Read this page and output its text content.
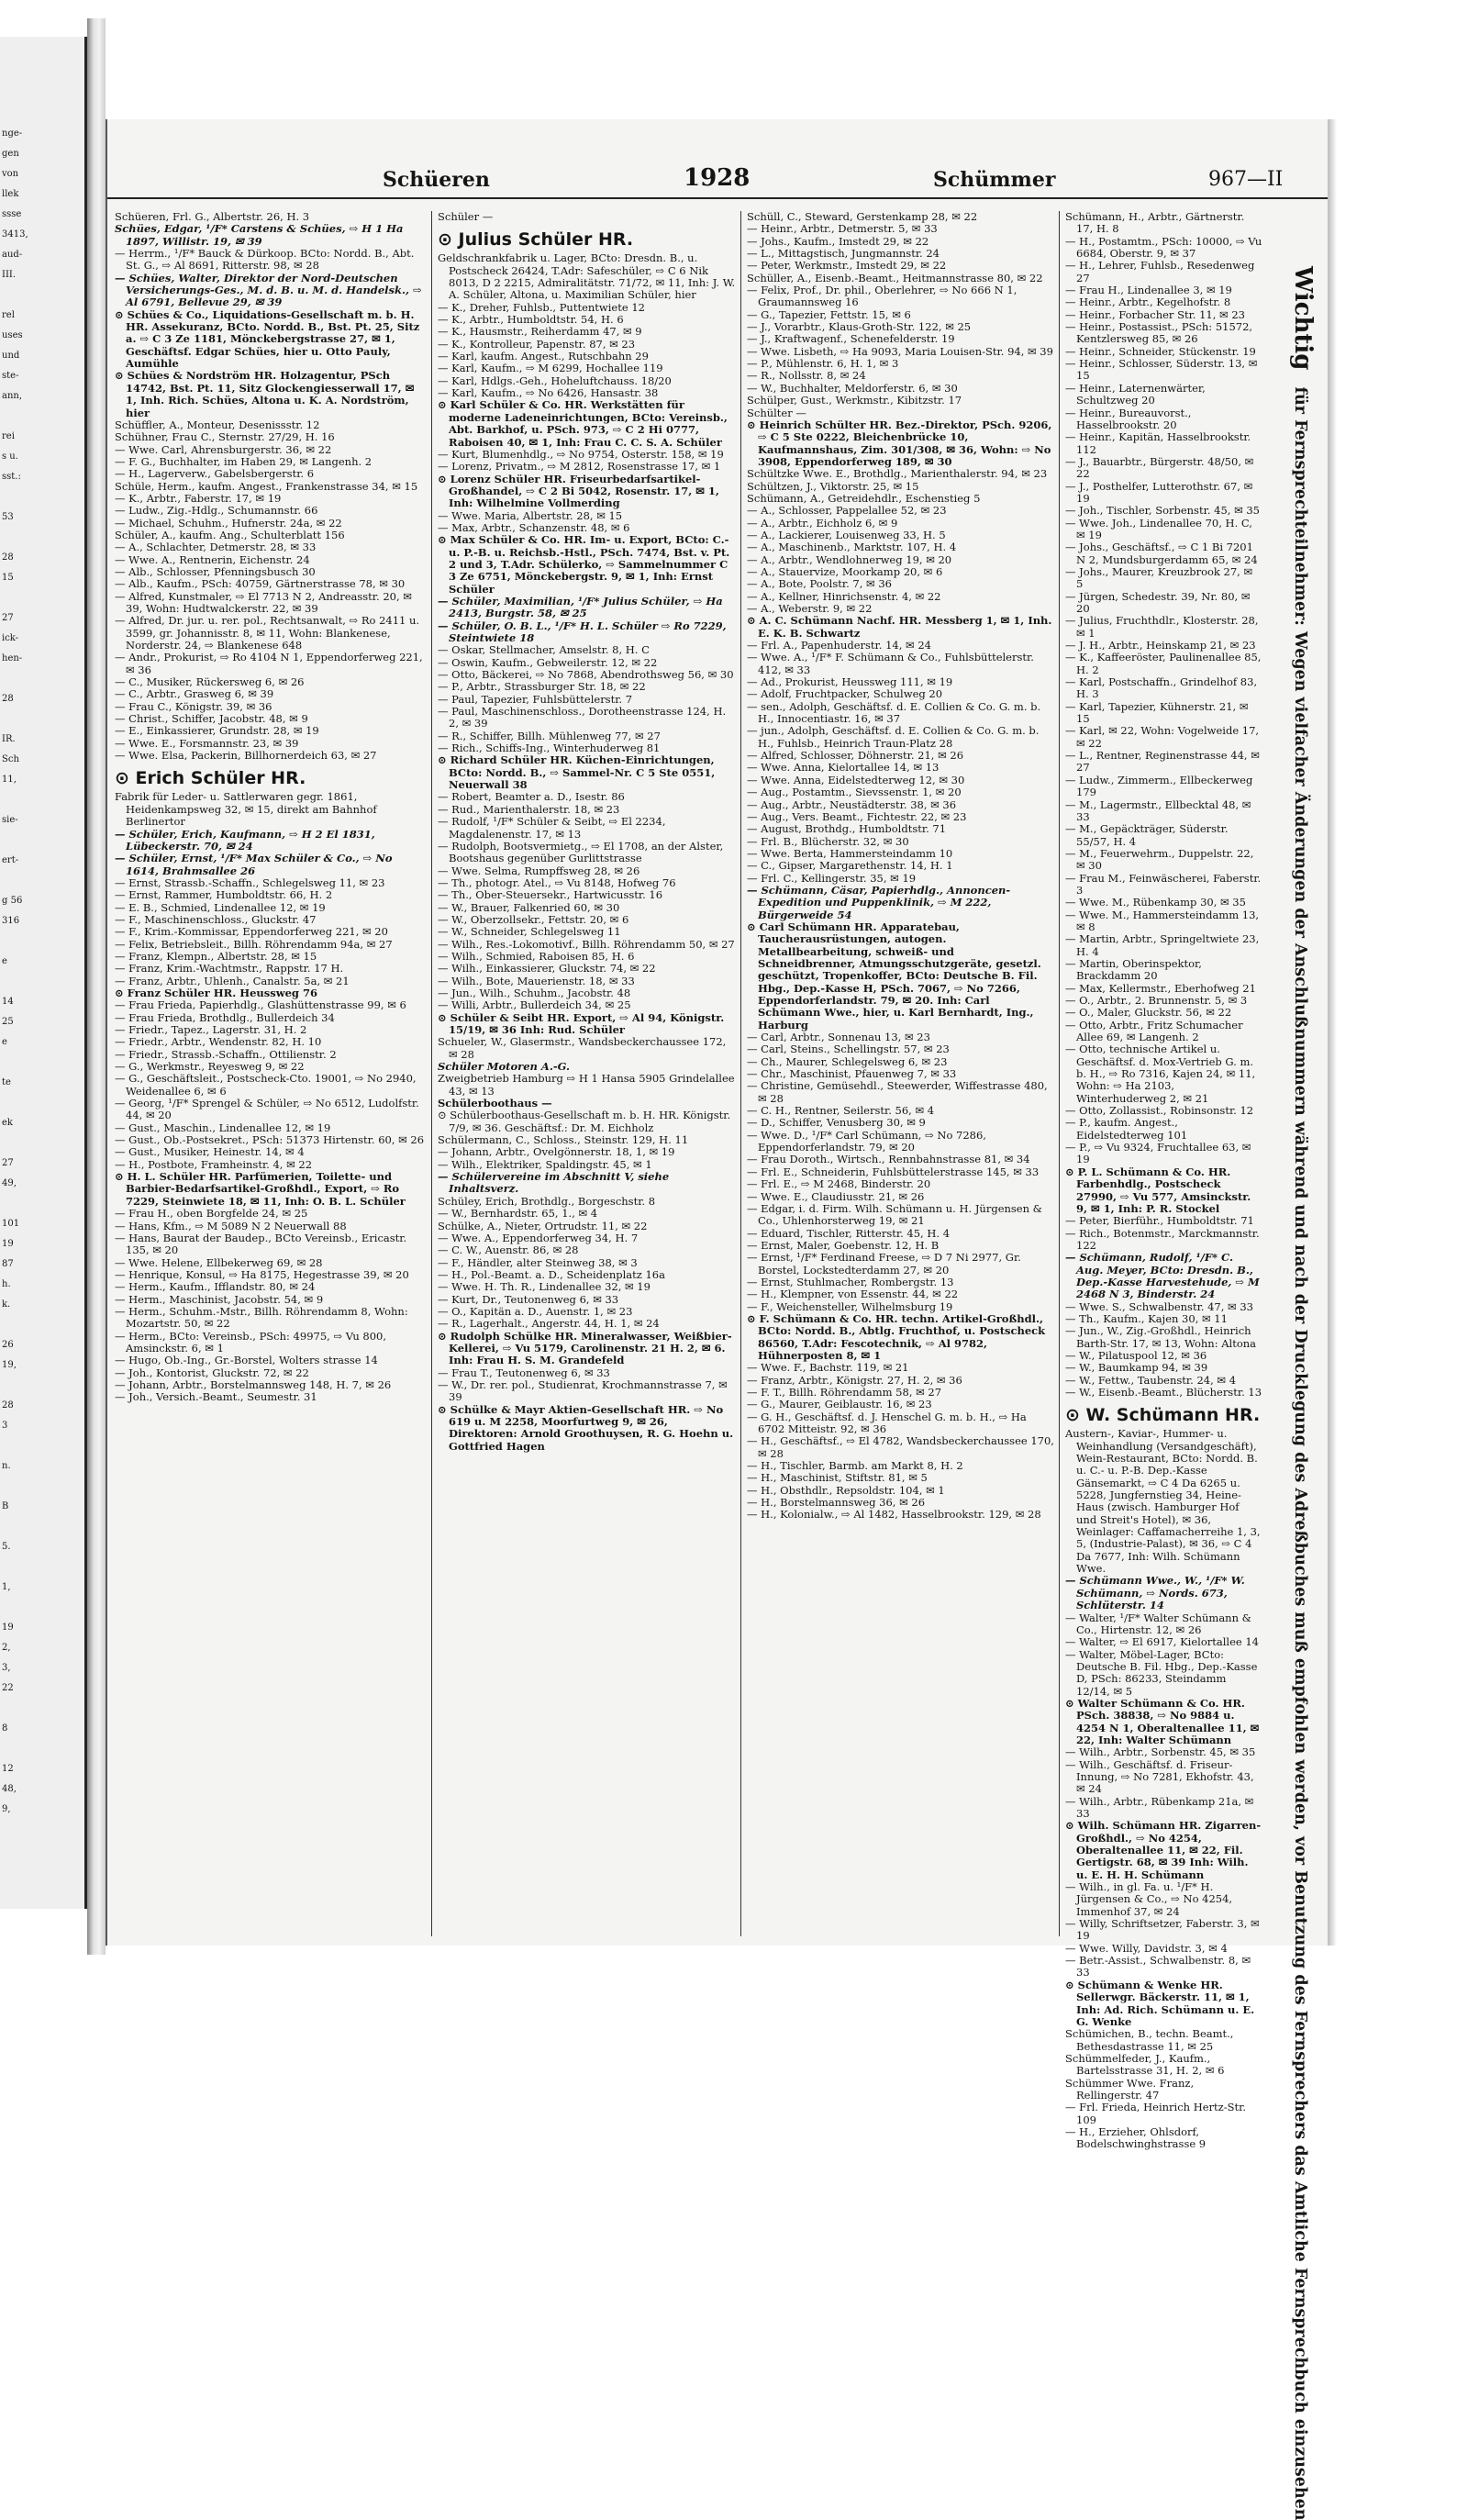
nge-
gen
von
llek
ssse
3413,
aud-
III.
rel
uses
und
ste-
ann,
rei
s u.
sst.:
53
28
15
27
ick-
hen-
28
IR.
Sch
11,
sie-
ert-
g 56
316
e
14
25
e
te
ek
27
49,
101
19
87
h.
k.
26
19,
28
3
n.
B
5.
1,
19
2,
3,
22
8
12
48,
9,
Schüeren	1928	Schümmer	967—II
Schüeren, Frl. G., Albertstr. 26, H. 3
Schües, Edgar, ¹/F* Carstens & Schües, ⇨ H 1 Ha 1897, Willistr. 19, ✉ 39
— Herrm., ¹/F* Bauck & Dürkoop. BCto: Nordd. B., Abt. St. G., ⇨ Al 8691, Ritterstr. 98, ✉ 28
— Schües, Walter, Direktor der Nord-Deutschen Versicherungs-Ges., M. d. B. u. M. d. Handelsk., ⇨ Al 6791, Bellevue 29, ✉ 39
⊙ Schües & Co., Liquidations-Gesellschaft m. b. H. HR. Assekuranz, BCto. Nordd. B., Bst. Pt. 25, Sitz a. ⇨ C 3 Ze 1181, Mönckebergstrasse 27, ✉ 1, Geschäftsf. Edgar Schües, hier u. Otto Pauly, Aumühle
⊙ Schües & Nordström HR. Holzagentur, PSch 14742, Bst. Pt. 11, Sitz Glockengiesserwall 17, ✉ 1, Inh. Rich. Schües, Altona u. K. A. Nordström, hier
Schüffler, A., Monteur, Desenissstr. 12
Schühner, Frau C., Sternstr. 27/29, H. 16
— Wwe. Carl, Ahrensburgerstr. 36, ✉ 22
— F. G., Buchhalter, im Haben 29, ✉ Langenh. 2
— H., Lagerverw., Gabelsbergerstr. 6
Schüle, Herm., kaufm. Angest., Frankenstrasse 34, ✉ 15
— K., Arbtr., Faberstr. 17, ✉ 19
— Ludw., Zig.-Hdlg., Schumannstr. 66
— Michael, Schuhm., Hufnerstr. 24a, ✉ 22
Schüler, A., kaufm. Ang., Schulterblatt 156
— A., Schlachter, Detmerstr. 28, ✉ 33
— Wwe. A., Rentnerin, Eichenstr. 24
— Alb., Schlosser, Pfenningsbusch 30
— Alb., Kaufm., PSch: 40759, Gärtnerstrasse 78, ✉ 30
— Alfred, Kunstmaler, ⇨ El 7713 N 2, Andreasstr. 20, ✉ 39, Wohn: Hudtwalckerstr. 22, ✉ 39
— Alfred, Dr. jur. u. rer. pol., Rechtsanwalt, ⇨ Ro 2411 u. 3599, gr. Johannisstr. 8, ✉ 11, Wohn: Blankenese, Norderstr. 24, ⇨ Blankenese 648
— Andr., Prokurist, ⇨ Ro 4104 N 1, Eppendorferweg 221, ✉ 36
— C., Musiker, Rückersweg 6, ✉ 26
— C., Arbtr., Grasweg 6, ✉ 39
— Frau C., Königstr. 39, ✉ 36
— Christ., Schiffer, Jacobstr. 48, ✉ 9
— E., Einkassierer, Grundstr. 28, ✉ 19
— Wwe. E., Forsmannstr. 23, ✉ 39
— Wwe. Elsa, Packerin, Billhornerdeich 63, ✉ 27
⊙ Erich Schüler HR.
Fabrik für Leder- u. Sattlerwaren gegr. 1861, Heidenkampsweg 32, ✉ 15, direkt am Bahnhof Berlinertor
— Schüler, Erich, Kaufmann, ⇨ H 2 El 1831, Lübeckerstr. 70, ✉ 24
— Schüler, Ernst, ¹/F* Max Schüler & Co., ⇨ No 1614, Brahmsallee 26
— Ernst, Strassb.-Schaffn., Schlegelsweg 11, ✉ 23
— Ernst, Rammer, Humboldtstr. 66, H. 2
— E. B., Schmied, Lindenallee 12, ✉ 19
— F., Maschinenschloss., Gluckstr. 47
— F., Krim.-Kommissar, Eppendorferweg 221, ✉ 20
— Felix, Betriebsleit., Billh. Röhrendamm 94a, ✉ 27
— Franz, Klempn., Albertstr. 28, ✉ 15
— Franz, Krim.-Wachtmstr., Rappstr. 17 H.
— Franz, Arbtr., Uhlenh., Canalstr. 5a, ✉ 21
⊙ Franz Schüler HR. Heussweg 76
— Frau Frieda, Papierhdlg., Glashüttenstrasse 99, ✉ 6
— Frau Frieda, Brothdlg., Bullerdeich 34
— Friedr., Tapez., Lagerstr. 31, H. 2
— Friedr., Arbtr., Wendenstr. 82, H. 10
— Friedr., Strassb.-Schaffn., Ottilienstr. 2
— G., Werkmstr., Reyesweg 9, ✉ 22
— G., Geschäftsleit., Postscheck-Cto. 19001, ⇨ No 2940, Weidenallee 6, ✉ 6
— Georg, ¹/F* Sprengel & Schüler, ⇨ No 6512, Ludolfstr. 44, ✉ 20
— Gust., Maschin., Lindenallee 12, ✉ 19
— Gust., Ob.-Postsekret., PSch: 51373 Hirtenstr. 60, ✉ 26
— Gust., Musiker, Heinestr. 14, ✉ 4
— H., Postbote, Framheinstr. 4, ✉ 22
⊙ H. L. Schüler HR. Parfümerien, Toilette- und Barbier-Bedarfsartikel-Großhdl., Export, ⇨ Ro 7229, Steinwiete 18, ✉ 11, Inh: O. B. L. Schüler
— Frau H., oben Borgfelde 24, ✉ 25
— Hans, Kfm., ⇨ M 5089 N 2 Neuerwall 88
— Hans, Baurat der Baudep., BCto Vereinsb., Ericastr. 135, ✉ 20
— Wwe. Helene, Ellbekerweg 69, ✉ 28
— Henrique, Konsul, ⇨ Ha 8175, Hegestrasse 39, ✉ 20
— Herm., Kaufm., Ifflandstr. 80, ✉ 24
— Herm., Maschinist, Jacobstr. 54, ✉ 9
— Herm., Schuhm.-Mstr., Billh. Röhrendamm 8, Wohn: Mozartstr. 50, ✉ 22
— Herm., BCto: Vereinsb., PSch: 49975, ⇨ Vu 800, Amsinckstr. 6, ✉ 1
— Hugo, Ob.-Ing., Gr.-Borstel, Wolters strasse 14
— Joh., Kontorist, Gluckstr. 72, ✉ 22
— Johann, Arbtr., Borstelmannsweg 148, H. 7, ✉ 26
— Joh., Versich.-Beamt., Seumestr. 31
Schüler —
⊙ Julius Schüler HR.
Geldschrankfabrik u. Lager, BCto: Dresdn. B., u. Postscheck 26424, T.Adr: Safeschüler, ⇨ C 6 Nik 8013, D 2 2215, Admiralitätstr. 71/72, ✉ 11, Inh: J. W. A. Schüler, Altona, u. Maximilian Schüler, hier
— K., Dreher, Fuhlsb., Puttentwiete 12
— K., Arbtr., Humboldtstr. 54, H. 6
— K., Hausmstr., Reiherdamm 47, ✉ 9
— K., Kontrolleur, Papenstr. 87, ✉ 23
— Karl, kaufm. Angest., Rutschbahn 29
— Karl, Kaufm., ⇨ M 6299, Hochallee 119
— Karl, Hdlgs.-Geh., Hoheluftchauss. 18/20
— Karl, Kaufm., ⇨ No 6426, Hansastr. 38
⊙ Karl Schüler & Co. HR. Werkstätten für moderne Ladeneinrichtungen, BCto: Vereinsb., Abt. Barkhof, u. PSch. 973, ⇨ C 2 Hi 0777, Raboisen 40, ✉ 1, Inh: Frau C. C. S. A. Schüler
— Kurt, Blumenhdlg., ⇨ No 9754, Osterstr. 158, ✉ 19
— Lorenz, Privatm., ⇨ M 2812, Rosenstrasse 17, ✉ 1
⊙ Lorenz Schüler HR. Friseurbedarfsartikel-Großhandel, ⇨ C 2 Bi 5042, Rosenstr. 17, ✉ 1, Inh: Wilhelmine Vollmerding
— Wwe. Maria, Albertstr. 28, ✉ 15
— Max, Arbtr., Schanzenstr. 48, ✉ 6
⊙ Max Schüler & Co. HR. Im- u. Export, BCto: C.- u. P.-B. u. Reichsb.-Hstl., PSch. 7474, Bst. v. Pt. 2 und 3, T.Adr. Schülerko, ⇨ Sammelnummer C 3 Ze 6751, Mönckebergstr. 9, ✉ 1, Inh: Ernst Schüler
— Schüler, Maximilian, ¹/F* Julius Schüler, ⇨ Ha 2413, Burgstr. 58, ✉ 25
— Schüler, O. B. L., ¹/F* H. L. Schüler ⇨ Ro 7229, Steintwiete 18
— Oskar, Stellmacher, Amselstr. 8, H. C
— Oswin, Kaufm., Gebweilerstr. 12, ✉ 22
— Otto, Bäckerei, ⇨ No 7868, Abendrothsweg 56, ✉ 30
— P., Arbtr., Strassburger Str. 18, ✉ 22
— Paul, Tapezier, Fuhlsbüttelerstr. 7
— Paul, Maschinenschloss., Dorotheenstrasse 124, H. 2, ✉ 39
— R., Schiffer, Billh. Mühlenweg 77, ✉ 27
— Rich., Schiffs-Ing., Winterhuderweg 81
⊙ Richard Schüler HR. Küchen-Einrichtungen, BCto: Nordd. B., ⇨ Sammel-Nr. C 5 Ste 0551, Neuerwall 38
— Robert, Beamter a. D., Isestr. 86
— Rud., Marienthalerstr. 18, ✉ 23
— Rudolf, ¹/F* Schüler & Seibt, ⇨ El 2234, Magdalenenstr. 17, ✉ 13
— Rudolph, Bootsvermietg., ⇨ El 1708, an der Alster, Bootshaus gegenüber Gurlittstrasse
— Wwe. Selma, Rumpffsweg 28, ✉ 26
— Th., photogr. Atel., ⇨ Vu 8148, Hofweg 76
— Th., Ober-Steuersekr., Hartwicusstr. 16
— W., Brauer, Falkenried 60, ✉ 30
— W., Oberzollsekr., Fettstr. 20, ✉ 6
— W., Schneider, Schlegelsweg 11
— Wilh., Res.-Lokomotivf., Billh. Röhrendamm 50, ✉ 27
— Wilh., Schmied, Raboisen 85, H. 6
— Wilh., Einkassierer, Gluckstr. 74, ✉ 22
— Wilh., Bote, Mauerienstr. 18, ✉ 33
— Jun., Wilh., Schuhm., Jacobstr. 48
— Willi, Arbtr., Bullerdeich 34, ✉ 25
⊙ Schüler & Seibt HR. Export, ⇨ Al 94, Königstr. 15/19, ✉ 36 Inh: Rud. Schüler
Schueler, W., Glasermstr., Wandsbeckerchaussee 172, ✉ 28
Schüler Motoren A.-G.
Zweigbetrieb Hamburg ⇨ H 1 Hansa 5905 Grindelallee 43, ✉ 13
Schülerboothaus —
⊙ Schülerboothaus-Gesellschaft m. b. H. HR. Königstr. 7/9, ✉ 36. Geschäftsf.: Dr. M. Eichholz
Schülermann, C., Schloss., Steinstr. 129, H. 11
— Johann, Arbtr., Ovelgönnerstr. 18, 1, ✉ 19
— Wilh., Elektriker, Spaldingstr. 45, ✉ 1
— Schülervereine im Abschnitt V, siehe Inhaltsverz.
Schüley, Erich, Brothdlg., Borgeschstr. 8
— W., Bernhardstr. 65, 1., ✉ 4
Schülke, A., Nieter, Ortrudstr. 11, ✉ 22
— Wwe. A., Eppendorferweg 34, H. 7
— C. W., Auenstr. 86, ✉ 28
— F., Händler, alter Steinweg 38, ✉ 3
— H., Pol.-Beamt. a. D., Scheidenplatz 16a
— Wwe. H. Th. R., Lindenallee 32, ✉ 19
— Kurt, Dr., Teutonenweg 6, ✉ 33
— O., Kapitän a. D., Auenstr. 1, ✉ 23
— R., Lagerhalt., Angerstr. 44, H. 1, ✉ 24
⊙ Rudolph Schülke HR. Mineralwasser, Weißbier-Kellerei, ⇨ Vu 5179, Carolinenstr. 21 H. 2, ✉ 6. Inh: Frau H. S. M. Grandefeld
— Frau T., Teutonenweg 6, ✉ 33
— W., Dr. rer. pol., Studienrat, Krochmannstrasse 7, ✉ 39
⊙ Schülke & Mayr Aktien-Gesellschaft HR. ⇨ No 619 u. M 2258, Moorfurtweg 9, ✉ 26, Direktoren: Arnold Groothuysen, R. G. Hoehn u. Gottfried Hagen
Schüll, C., Steward, Gerstenkamp 28, ✉ 22
— Heinr., Arbtr., Detmerstr. 5, ✉ 33
— Johs., Kaufm., Imstedt 29, ✉ 22
— L., Mittagstisch, Jungmannstr. 24
— Peter, Werkmstr., Imstedt 29, ✉ 22
Schüller, A., Eisenb.-Beamt., Heitmannstrasse 80, ✉ 22
— Felix, Prof., Dr. phil., Oberlehrer, ⇨ No 666 N 1, Graumannsweg 16
— G., Tapezier, Fettstr. 15, ✉ 6
— J., Vorarbtr., Klaus-Groth-Str. 122, ✉ 25
— J., Kraftwagenf., Schenefelderstr. 19
— Wwe. Lisbeth, ⇨ Ha 9093, Maria Louisen-Str. 94, ✉ 39
— P., Mühlenstr. 6, H. 1, ✉ 3
— R., Nollsstr. 8, ✉ 24
— W., Buchhalter, Meldorferstr. 6, ✉ 30
Schülper, Gust., Werkmstr., Kibitzstr. 17
Schülter —
⊙ Heinrich Schülter HR. Bez.-Direktor, PSch. 9206, ⇨ C 5 Ste 0222, Bleichenbrücke 10, Kaufmannshaus, Zim. 301/308, ✉ 36, Wohn: ⇨ No 3908, Eppendorferweg 189, ✉ 30
Schültzke Wwe. E., Brothdlg., Marienthalerstr. 94, ✉ 23
Schültzen, J., Viktorstr. 25, ✉ 15
Schümann, A., Getreidehdlr., Eschenstieg 5
— A., Schlosser, Pappelallee 52, ✉ 23
— A., Arbtr., Eichholz 6, ✉ 9
— A., Lackierer, Louisenweg 33, H. 5
— A., Maschinenb., Marktstr. 107, H. 4
— A., Arbtr., Wendlohnerweg 19, ✉ 20
— A., Stauervize, Moorkamp 20, ✉ 6
— A., Bote, Poolstr. 7, ✉ 36
— A., Kellner, Hinrichsenstr. 4, ✉ 22
— A., Weberstr. 9, ✉ 22
⊙ A. C. Schümann Nachf. HR. Messberg 1, ✉ 1, Inh. E. K. B. Schwartz
— Frl. A., Papenhuderstr. 14, ✉ 24
— Wwe. A., ¹/F* F. Schümann & Co., Fuhlsbüttelerstr. 412, ✉ 33
— Ad., Prokurist, Heussweg 111, ✉ 19
— Adolf, Fruchtpacker, Schulweg 20
— sen., Adolph, Geschäftsf. d. E. Collien & Co. G. m. b. H., Innocentiastr. 16, ✉ 37
— jun., Adolph, Geschäftsf. d. E. Collien & Co. G. m. b. H., Fuhlsb., Heinrich Traun-Platz 28
— Alfred, Schlosser, Döhnerstr. 21, ✉ 26
— Wwe. Anna, Kielortallee 14, ✉ 13
— Wwe. Anna, Eidelstedterweg 12, ✉ 30
— Aug., Postamtm., Sievssenstr. 1, ✉ 20
— Aug., Arbtr., Neustädterstr. 38, ✉ 36
— Aug., Vers. Beamt., Fichtestr. 22, ✉ 23
— August, Brothdg., Humboldtstr. 71
— Frl. B., Blücherstr. 32, ✉ 30
— Wwe. Berta, Hammersteindamm 10
— C., Gipser, Margarethenstr. 14, H. 1
— Frl. C., Kellingerstr. 35, ✉ 19
— Schümann, Cäsar, Papierhdlg., Annoncen-Expedition und Puppenklinik, ⇨ M 222, Bürgerweide 54
⊙ Carl Schümann HR. Apparatebau, Taucherausrüstungen, autogen. Metallbearbeitung, schweiß- und Schneidbrenner, Atmungsschutzgeräte, gesetzl. geschützt, Tropenkoffer, BCto: Deutsche B. Fil. Hbg., Dep.-Kasse H, PSch. 7067, ⇨ No 7266, Eppendorferlandstr. 79, ✉ 20. Inh: Carl Schümann Wwe., hier, u. Karl Bernhardt, Ing., Harburg
— Carl, Arbtr., Sonnenau 13, ✉ 23
— Carl, Steins., Schellingstr. 57, ✉ 23
— Ch., Maurer, Schlegelsweg 6, ✉ 23
— Chr., Maschinist, Pfauenweg 7, ✉ 33
— Christine, Gemüsehdl., Steewerder, Wiffestrasse 480, ✉ 28
— C. H., Rentner, Seilerstr. 56, ✉ 4
— D., Schiffer, Venusberg 30, ✉ 9
— Wwe. D., ¹/F* Carl Schümann, ⇨ No 7286, Eppendorferlandstr. 79, ✉ 20
— Frau Doroth., Wirtsch., Rennbahnstrasse 81, ✉ 34
— Frl. E., Schneiderin, Fuhlsbüttelerstrasse 145, ✉ 33
— Frl. E., ⇨ M 2468, Binderstr. 20
— Wwe. E., Claudiusstr. 21, ✉ 26
— Edgar, i. d. Firm. Wilh. Schümann u. H. Jürgensen & Co., Uhlenhorsterweg 19, ✉ 21
— Eduard, Tischler, Ritterstr. 45, H. 4
— Ernst, Maler, Goebenstr. 12, H. B
— Ernst, ¹/F* Ferdinand Freese, ⇨ D 7 Ni 2977, Gr. Borstel, Lockstedterdamm 27, ✉ 20
— Ernst, Stuhlmacher, Rombergstr. 13
— H., Klempner, von Essenstr. 44, ✉ 22
— F., Weichensteller, Wilhelmsburg 19
⊙ F. Schümann & Co. HR. techn. Artikel-Großhdl., BCto: Nordd. B., Abtlg. Fruchthof, u. Postscheck 86560, T.Adr: Fescotechnik, ⇨ Al 9782, Hühnerposten 8, ✉ 1
— Wwe. F., Bachstr. 119, ✉ 21
— Franz, Arbtr., Königstr. 27, H. 2, ✉ 36
— F. T., Billh. Röhrendamm 58, ✉ 27
— G., Maurer, Geiblaustr. 16, ✉ 23
— G. H., Geschäftsf. d. J. Henschel G. m. b. H., ⇨ Ha 6702 Mitteistr. 92, ✉ 36
— H., Geschäftsf., ⇨ El 4782, Wandsbeckerchaussee 170, ✉ 28
— H., Tischler, Barmb. am Markt 8, H. 2
— H., Maschinist, Stiftstr. 81, ✉ 5
— H., Obsthdlr., Repsoldstr. 104, ✉ 1
— H., Borstelmannsweg 36, ✉ 26
— H., Kolonialw., ⇨ Al 1482, Hasselbrookstr. 129, ✉ 28
Schümann, H., Arbtr., Gärtnerstr. 17, H. 8
— H., Postamtm., PSch: 10000, ⇨ Vu 6684, Oberstr. 9, ✉ 37
— H., Lehrer, Fuhlsb., Resedenweg 27
— Frau H., Lindenallee 3, ✉ 19
— Heinr., Arbtr., Kegelhofstr. 8
— Heinr., Forbacher Str. 11, ✉ 23
— Heinr., Postassist., PSch: 51572, Kentzlersweg 85, ✉ 26
— Heinr., Schneider, Stückenstr. 19
— Heinr., Schlosser, Süderstr. 13, ✉ 15
— Heinr., Laternenwärter, Schultzweg 20
— Heinr., Bureauvorst., Hasselbrookstr. 20
— Heinr., Kapitän, Hasselbrookstr. 112
— J., Bauarbtr., Bürgerstr. 48/50, ✉ 22
— J., Posthelfer, Lutterothstr. 67, ✉ 19
— Joh., Tischler, Sorbenstr. 45, ✉ 35
— Wwe. Joh., Lindenallee 70, H. C, ✉ 19
— Johs., Geschäftsf., ⇨ C 1 Bi 7201 N 2, Mundsburgerdamm 65, ✉ 24
— Johs., Maurer, Kreuzbrook 27, ✉ 5
— Jürgen, Schedestr. 39, Nr. 80, ✉ 20
— Julius, Fruchthdlr., Klosterstr. 28, ✉ 1
— J. H., Arbtr., Heinskamp 21, ✉ 23
— K., Kaffeeröster, Paulinenallee 85, H. 2
— Karl, Postschaffn., Grindelhof 83, H. 3
— Karl, Tapezier, Kühnerstr. 21, ✉ 15
— Karl, ✉ 22, Wohn: Vogelweide 17, ✉ 22
— L., Rentner, Reginenstrasse 44, ✉ 27
— Ludw., Zimmerm., Ellbeckerweg 179
— M., Lagermstr., Ellbecktal 48, ✉ 33
— M., Gepäckträger, Süderstr. 55/57, H. 4
— M., Feuerwehrm., Duppelstr. 22, ✉ 30
— Frau M., Feinwäscherei, Faberstr. 3
— Wwe. M., Rübenkamp 30, ✉ 35
— Wwe. M., Hammersteindamm 13, ✉ 8
— Martin, Arbtr., Springeltwiete 23, H. 4
— Martin, Oberinspektor, Brackdamm 20
— Max, Kellermstr., Eberhofweg 21
— O., Arbtr., 2. Brunnenstr. 5, ✉ 3
— O., Maler, Gluckstr. 56, ✉ 22
— Otto, Arbtr., Fritz Schumacher Allee 69, ✉ Langenh. 2
— Otto, technische Artikel u. Geschäftsf. d. Mox-Vertrieb G. m. b. H., ⇨ Ro 7316, Kajen 24, ✉ 11, Wohn: ⇨ Ha 2103, Winterhuderweg 2, ✉ 21
— Otto, Zollassist., Robinsonstr. 12
— P., kaufm. Angest., Eidelstedterweg 101
— P., ⇨ Vu 9324, Fruchtallee 63, ✉ 19
⊙ P. L. Schümann & Co. HR. Farbenhdlg., Postscheck 27990, ⇨ Vu 577, Amsinckstr. 9, ✉ 1, Inh: P. R. Stockel
— Peter, Bierführ., Humboldtstr. 71
— Rich., Botenmstr., Marckmannstr. 122
— Schümann, Rudolf, ¹/F* C. Aug. Meyer, BCto: Dresdn. B., Dep.-Kasse Harvestehude, ⇨ M 2468 N 3, Binderstr. 24
— Wwe. S., Schwalbenstr. 47, ✉ 33
— Th., Kaufm., Kajen 30, ✉ 11
— Jun., W., Zig.-Großhdl., Heinrich Barth-Str. 17, ✉ 13, Wohn: Altona
— W., Pilatuspool 12, ✉ 36
— W., Baumkamp 94, ✉ 39
— W., Fettw., Taubenstr. 24, ✉ 4
— W., Eisenb.-Beamt., Blücherstr. 13
⊙ W. Schümann HR.
Austern-, Kaviar-, Hummer- u. Weinhandlung (Versandgeschäft), Wein-Restaurant, BCto: Nordd. B. u. C.- u. P.-B. Dep.-Kasse Gänsemarkt, ⇨ C 4 Da 6265 u. 5228, Jungfernstieg 34, Heine-Haus (zwisch. Hamburger Hof und Streit's Hotel), ✉ 36, Weinlager: Caffamacherreihe 1, 3, 5, (Industrie-Palast), ✉ 36, ⇨ C 4 Da 7677, Inh: Wilh. Schümann Wwe.
— Schümann Wwe., W., ¹/F* W. Schümann, ⇨ Nords. 673, Schlüterstr. 14
— Walter, ¹/F* Walter Schümann & Co., Hirtenstr. 12, ✉ 26
— Walter, ⇨ El 6917, Kielortallee 14
— Walter, Möbel-Lager, BCto: Deutsche B. Fil. Hbg., Dep.-Kasse D, PSch: 86233, Steindamm 12/14, ✉ 5
⊙ Walter Schümann & Co. HR. PSch. 38838, ⇨ No 9884 u. 4254 N 1, Oberaltenallee 11, ✉ 22, Inh: Walter Schümann
— Wilh., Arbtr., Sorbenstr. 45, ✉ 35
— Wilh., Geschäftsf. d. Friseur-Innung, ⇨ No 7281, Ekhofstr. 43, ✉ 24
— Wilh., Arbtr., Rübenkamp 21a, ✉ 33
⊙ Wilh. Schümann HR. Zigarren-Großhdl., ⇨ No 4254, Oberaltenallee 11, ✉ 22, Fil. Gertigstr. 68, ✉ 39 Inh: Wilh. u. E. H. H. Schümann
— Wilh., in gl. Fa. u. ¹/F* H. Jürgensen & Co., ⇨ No 4254, Immenhof 37, ✉ 24
— Willy, Schriftsetzer, Faberstr. 3, ✉ 19
— Wwe. Willy, Davidstr. 3, ✉ 4
— Betr.-Assist., Schwalbenstr. 8, ✉ 33
⊙ Schümann & Wenke HR. Sellerwgr. Bäckerstr. 11, ✉ 1, Inh: Ad. Rich. Schümann u. E. G. Wenke
Schümichen, B., techn. Beamt., Bethesdastrasse 11, ✉ 25
Schümmelfeder, J., Kaufm., Bartelsstrasse 31, H. 2, ✉ 6
Schümmer Wwe. Franz, Rellingerstr. 47
— Frl. Frieda, Heinrich Hertz-Str. 109
— H., Erzieher, Ohlsdorf, Bodelschwinghstrasse 9
Wichtig für Fernsprechteilnehmer: Wegen vielfacher Änderungen der Anschlußnummern während und nach der Drucklegung des Adreßbuches muß empfohlen werden, vor Benutzung des Fernsprechers das Amtliche Fernsprechbuch einzusehen
